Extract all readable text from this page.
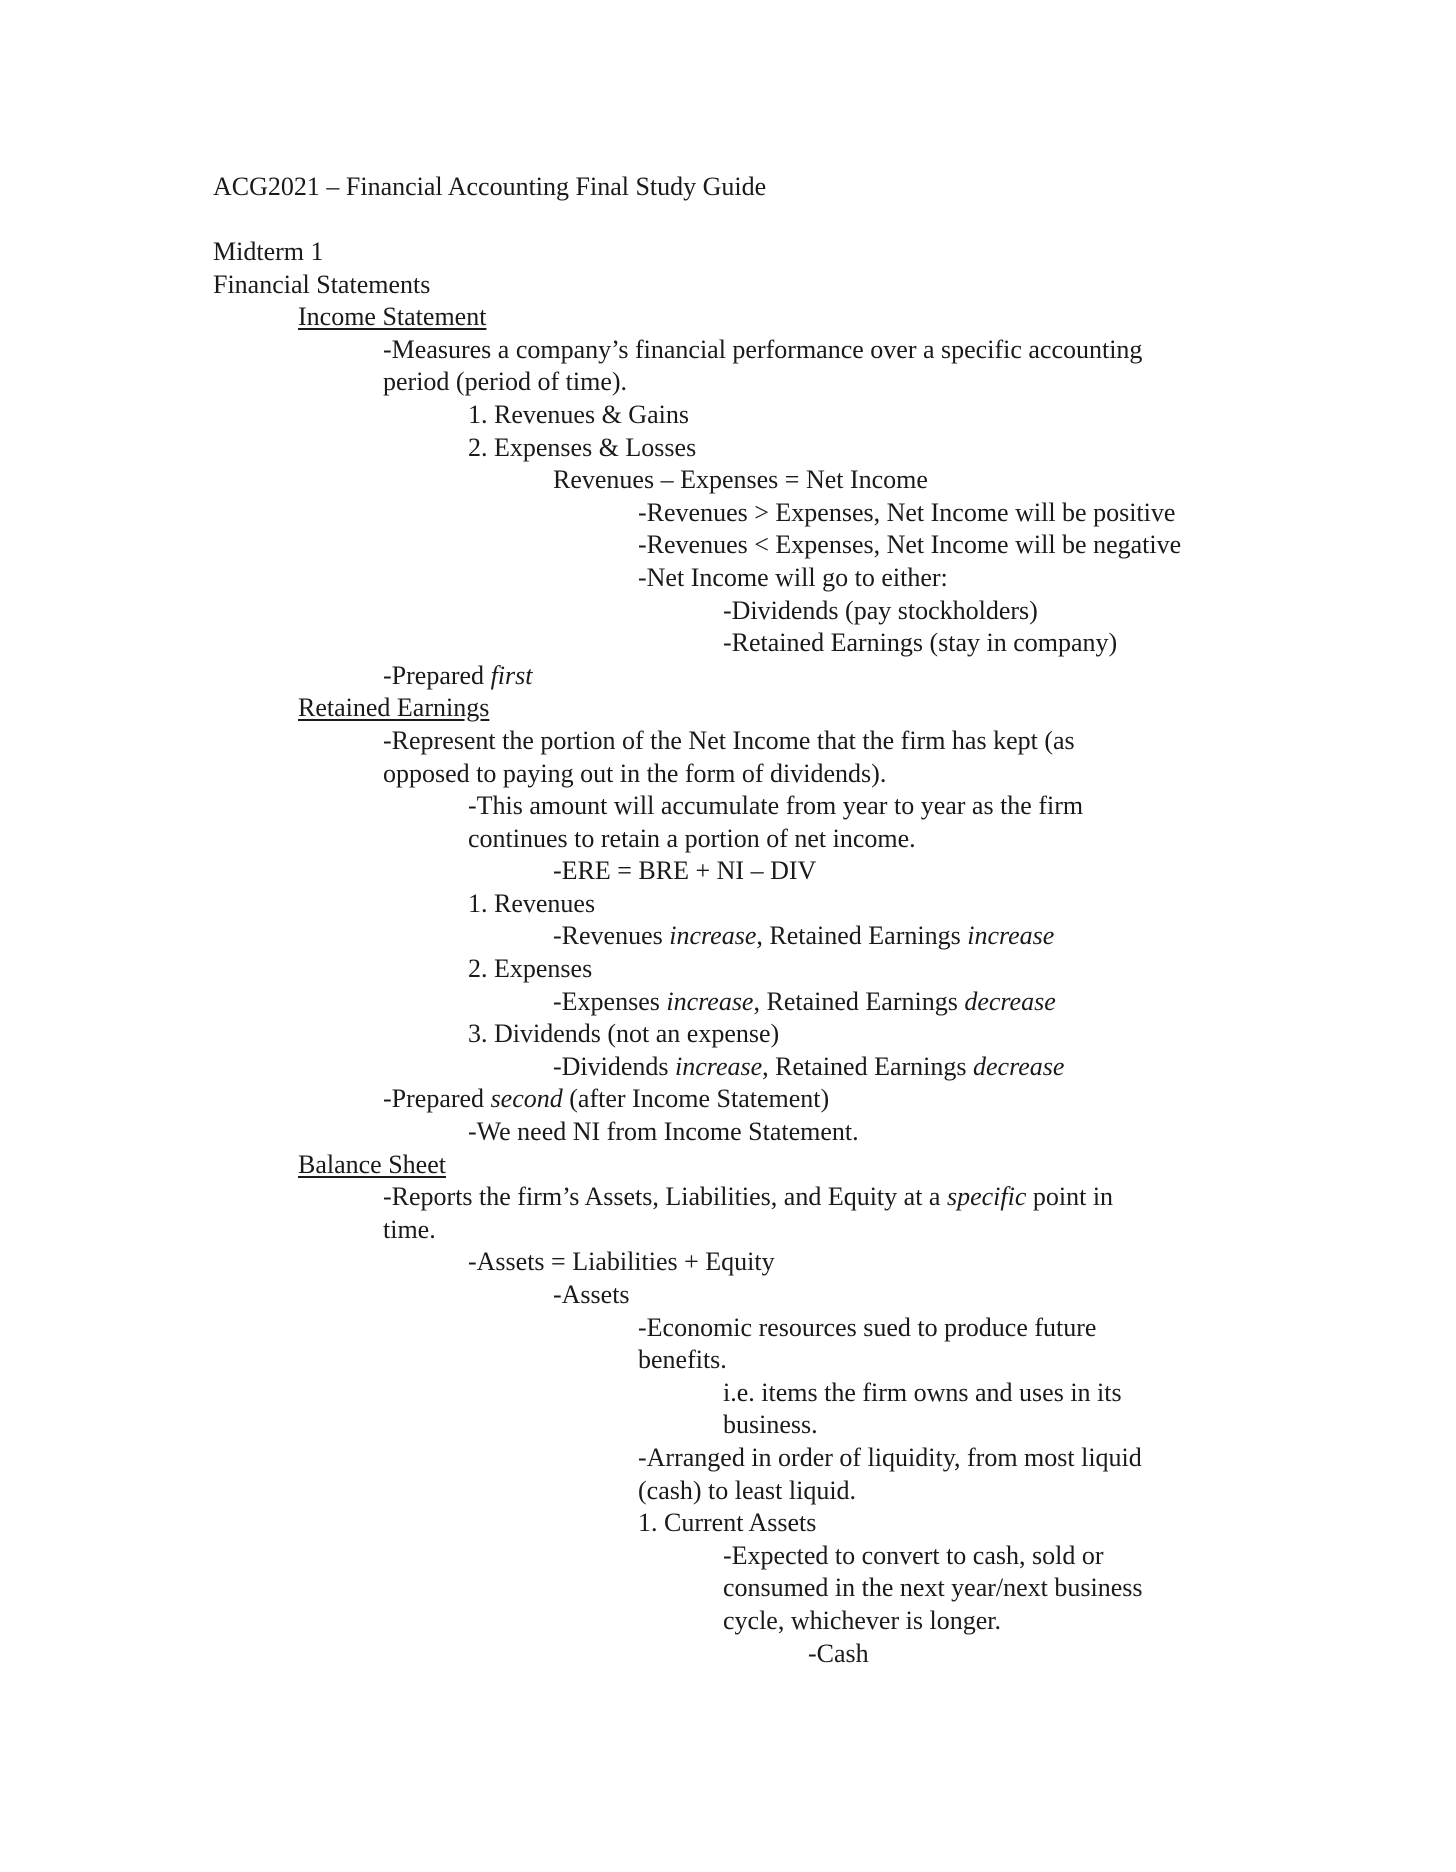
ACG2021 – Financial Accounting Final Study Guide
Midterm 1
Financial Statements
Income Statement
-Measures a company’s financial performance over a specific accounting
period (period of time).
1. Revenues & Gains
2. Expenses & Losses
Revenues – Expenses = Net Income
-Revenues > Expenses, Net Income will be positive
-Revenues < Expenses, Net Income will be negative
-Net Income will go to either:
-Dividends (pay stockholders)
-Retained Earnings (stay in company)
-Prepared first
Retained Earnings
-Represent the portion of the Net Income that the firm has kept (as
opposed to paying out in the form of dividends).
-This amount will accumulate from year to year as the firm
continues to retain a portion of net income.
-ERE = BRE + NI – DIV
1. Revenues
-Revenues increase, Retained Earnings increase
2. Expenses
-Expenses increase, Retained Earnings decrease
3. Dividends (not an expense)
-Dividends increase, Retained Earnings decrease
-Prepared second (after Income Statement)
-We need NI from Income Statement.
Balance Sheet
-Reports the firm’s Assets, Liabilities, and Equity at a specific point in
time.
-Assets = Liabilities + Equity
-Assets
-Economic resources sued to produce future
benefits.
i.e. items the firm owns and uses in its
business.
-Arranged in order of liquidity, from most liquid
(cash) to least liquid.
1. Current Assets
-Expected to convert to cash, sold or
consumed in the next year/next business
cycle, whichever is longer.
-Cash
